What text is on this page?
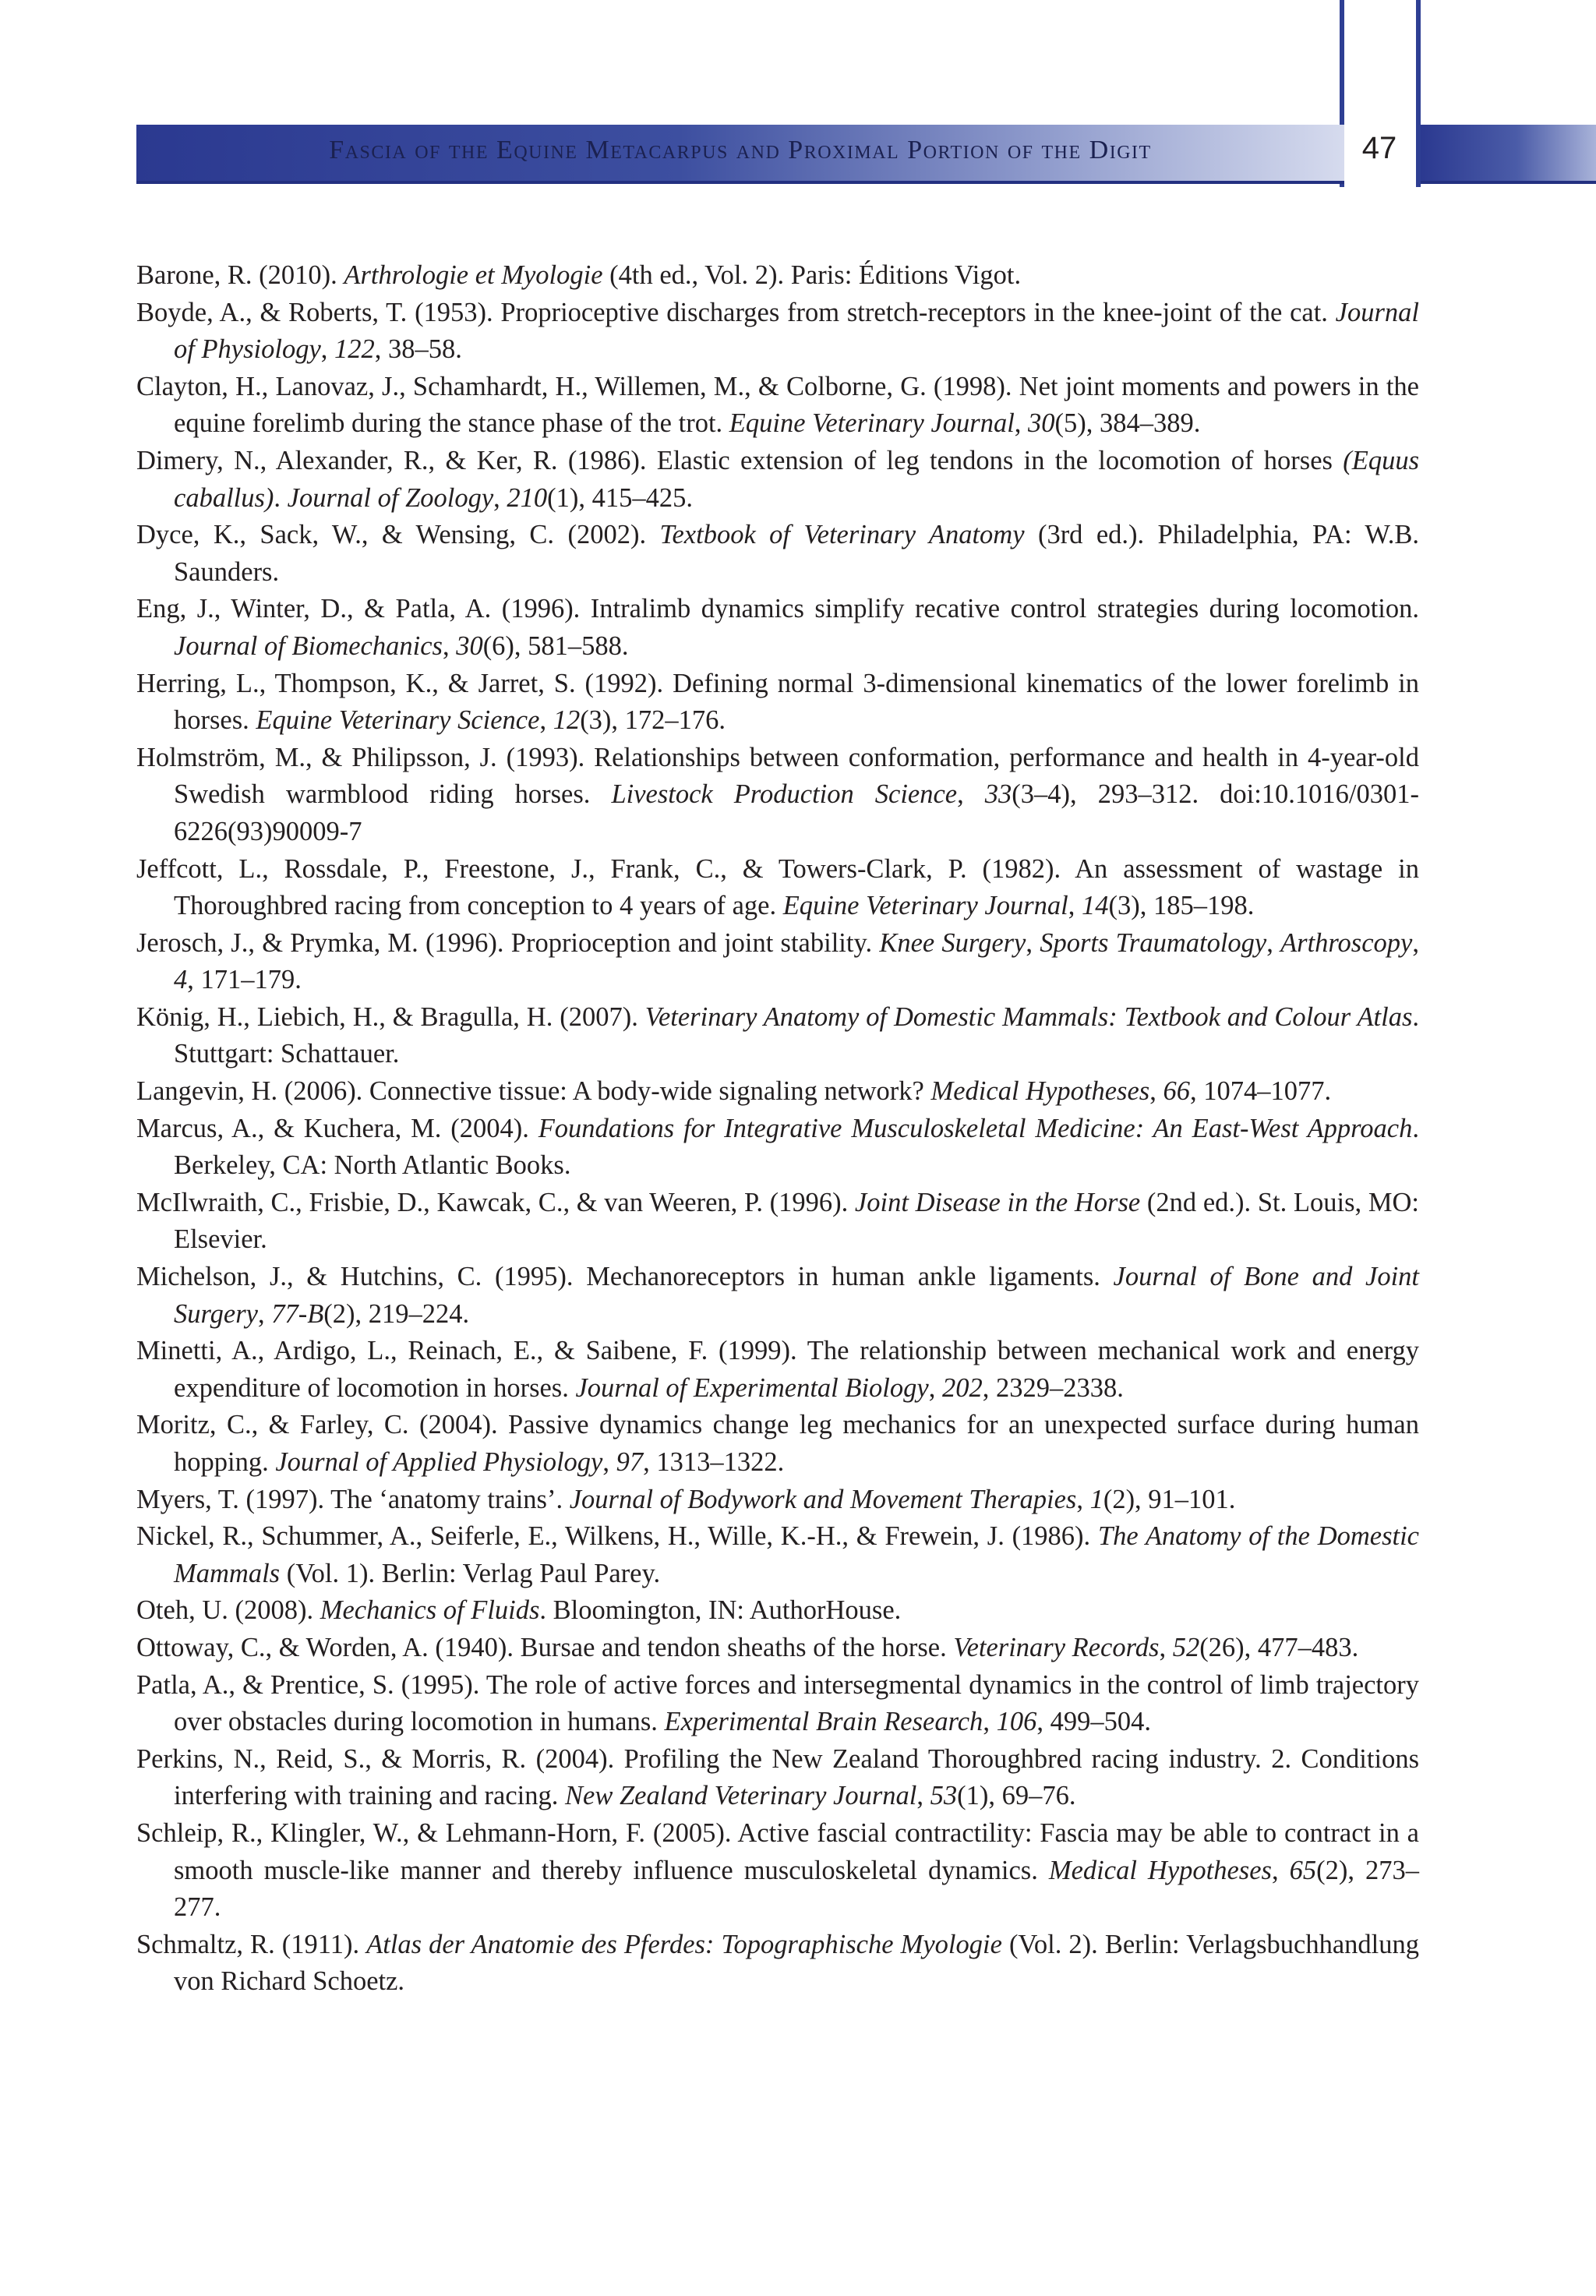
Fascia of the Equine Metacarpus and Proximal Portion of the Digit	47
Barone, R. (2010). Arthrologie et Myologie (4th ed., Vol. 2). Paris: Éditions Vigot.
Boyde, A., & Roberts, T. (1953). Proprioceptive discharges from stretch-receptors in the knee-joint of the cat. Journal of Physiology, 122, 38–58.
Clayton, H., Lanovaz, J., Schamhardt, H., Willemen, M., & Colborne, G. (1998). Net joint moments and powers in the equine forelimb during the stance phase of the trot. Equine Veterinary Journal, 30(5), 384–389.
Dimery, N., Alexander, R., & Ker, R. (1986). Elastic extension of leg tendons in the locomotion of horses (Equus caballus). Journal of Zoology, 210(1), 415–425.
Dyce, K., Sack, W., & Wensing, C. (2002). Textbook of Veterinary Anatomy (3rd ed.). Philadelphia, PA: W.B. Saunders.
Eng, J., Winter, D., & Patla, A. (1996). Intralimb dynamics simplify recative control strategies during locomotion. Journal of Biomechanics, 30(6), 581–588.
Herring, L., Thompson, K., & Jarret, S. (1992). Defining normal 3-dimensional kinematics of the lower forelimb in horses. Equine Veterinary Science, 12(3), 172–176.
Holmström, M., & Philipsson, J. (1993). Relationships between conformation, performance and health in 4-year-old Swedish warmblood riding horses. Livestock Production Science, 33(3–4), 293–312. doi:10.1016/0301-6226(93)90009-7
Jeffcott, L., Rossdale, P., Freestone, J., Frank, C., & Towers-Clark, P. (1982). An assessment of wastage in Thoroughbred racing from conception to 4 years of age. Equine Veterinary Journal, 14(3), 185–198.
Jerosch, J., & Prymka, M. (1996). Proprioception and joint stability. Knee Surgery, Sports Traumatology, Arthroscopy, 4, 171–179.
König, H., Liebich, H., & Bragulla, H. (2007). Veterinary Anatomy of Domestic Mammals: Textbook and Colour Atlas. Stuttgart: Schattauer.
Langevin, H. (2006). Connective tissue: A body-wide signaling network? Medical Hypotheses, 66, 1074–1077.
Marcus, A., & Kuchera, M. (2004). Foundations for Integrative Musculoskeletal Medicine: An East-West Approach. Berkeley, CA: North Atlantic Books.
McIlwraith, C., Frisbie, D., Kawcak, C., & van Weeren, P. (1996). Joint Disease in the Horse (2nd ed.). St. Louis, MO: Elsevier.
Michelson, J., & Hutchins, C. (1995). Mechanoreceptors in human ankle ligaments. Journal of Bone and Joint Surgery, 77-B(2), 219–224.
Minetti, A., Ardigo, L., Reinach, E., & Saibene, F. (1999). The relationship between mechanical work and energy expenditure of locomotion in horses. Journal of Experimental Biology, 202, 2329–2338.
Moritz, C., & Farley, C. (2004). Passive dynamics change leg mechanics for an unexpected surface during human hopping. Journal of Applied Physiology, 97, 1313–1322.
Myers, T. (1997). The ‘anatomy trains’. Journal of Bodywork and Movement Therapies, 1(2), 91–101.
Nickel, R., Schummer, A., Seiferle, E., Wilkens, H., Wille, K.-H., & Frewein, J. (1986). The Anatomy of the Domestic Mammals (Vol. 1). Berlin: Verlag Paul Parey.
Oteh, U. (2008). Mechanics of Fluids. Bloomington, IN: AuthorHouse.
Ottoway, C., & Worden, A. (1940). Bursae and tendon sheaths of the horse. Veterinary Records, 52(26), 477–483.
Patla, A., & Prentice, S. (1995). The role of active forces and intersegmental dynamics in the control of limb trajectory over obstacles during locomotion in humans. Experimental Brain Research, 106, 499–504.
Perkins, N., Reid, S., & Morris, R. (2004). Profiling the New Zealand Thoroughbred racing industry. 2. Conditions interfering with training and racing. New Zealand Veterinary Journal, 53(1), 69–76.
Schleip, R., Klingler, W., & Lehmann-Horn, F. (2005). Active fascial contractility: Fascia may be able to contract in a smooth muscle-like manner and thereby influence musculoskeletal dynamics. Medical Hypotheses, 65(2), 273–277.
Schmaltz, R. (1911). Atlas der Anatomie des Pferdes: Topographische Myologie (Vol. 2). Berlin: Verlagsbuchhandlung von Richard Schoetz.
